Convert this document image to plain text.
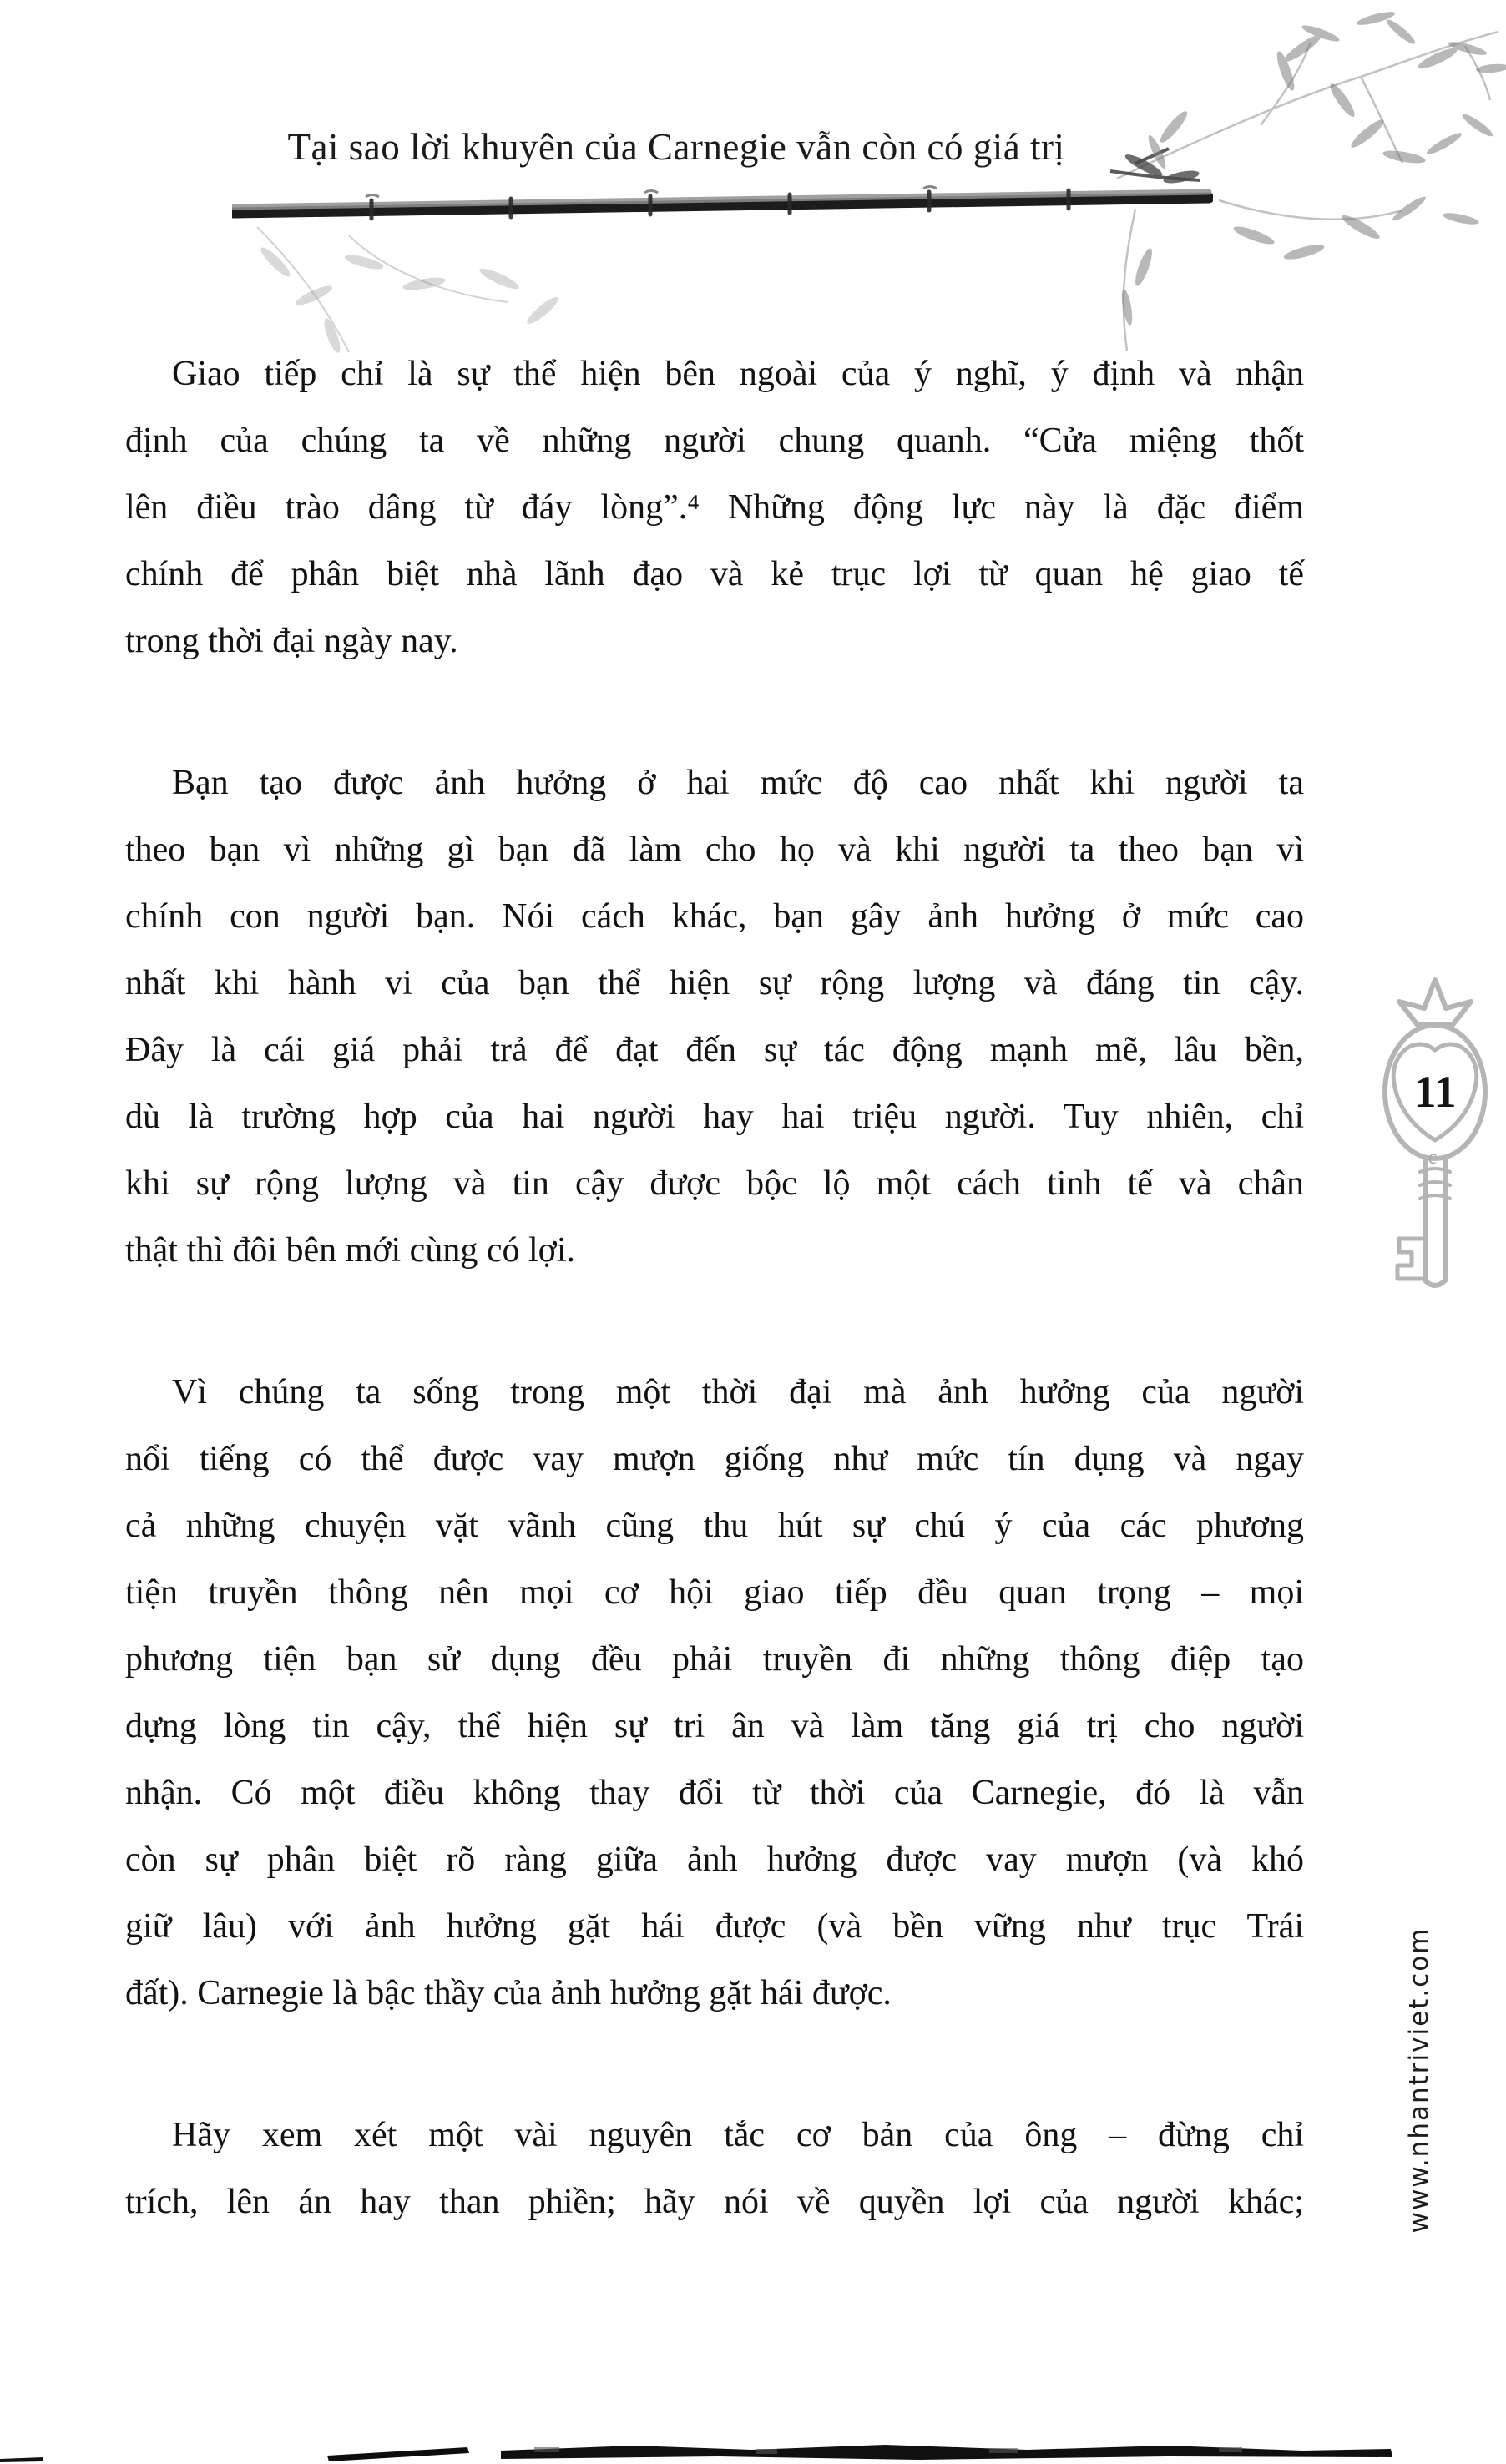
Tại sao lời khuyên của Carnegie vẫn còn có giá trị
Giao tiếp chỉ là sự thể hiện bên ngoài của ý nghĩ, ý định và nhận
định của chúng ta về những người chung quanh. “Cửa miệng thốt
lên điều trào dâng từ đáy lòng”.⁴ Những động lực này là đặc điểm
chính để phân biệt nhà lãnh đạo và kẻ trục lợi từ quan hệ giao tế
trong thời đại ngày nay.
Bạn tạo được ảnh hưởng ở hai mức độ cao nhất khi người ta
theo bạn vì những gì bạn đã làm cho họ và khi người ta theo bạn vì
chính con người bạn. Nói cách khác, bạn gây ảnh hưởng ở mức cao
nhất khi hành vi của bạn thể hiện sự rộng lượng và đáng tin cậy.
Đây là cái giá phải trả để đạt đến sự tác động mạnh mẽ, lâu bền,
dù là trường hợp của hai người hay hai triệu người. Tuy nhiên, chỉ
khi sự rộng lượng và tin cậy được bộc lộ một cách tinh tế và chân
thật thì đôi bên mới cùng có lợi.
Vì chúng ta sống trong một thời đại mà ảnh hưởng của người
nổi tiếng có thể được vay mượn giống như mức tín dụng và ngay
cả những chuyện vặt vãnh cũng thu hút sự chú ý của các phương
tiện truyền thông nên mọi cơ hội giao tiếp đều quan trọng – mọi
phương tiện bạn sử dụng đều phải truyền đi những thông điệp tạo
dựng lòng tin cậy, thể hiện sự tri ân và làm tăng giá trị cho người
nhận. Có một điều không thay đổi từ thời của Carnegie, đó là vẫn
còn sự phân biệt rõ ràng giữa ảnh hưởng được vay mượn (và khó
giữ lâu) với ảnh hưởng gặt hái được (và bền vững như trục Trái
đất). Carnegie là bậc thầy của ảnh hưởng gặt hái được.
Hãy xem xét một vài nguyên tắc cơ bản của ông – đừng chỉ
trích, lên án hay than phiền; hãy nói về quyền lợi của người khác;
11
c
www.nhantriviet.com
